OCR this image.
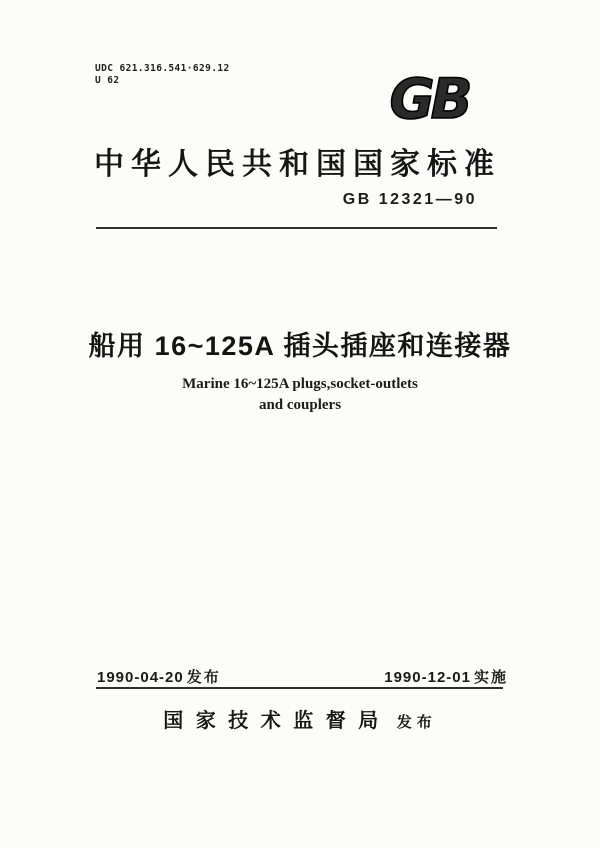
UDC 621.316.541·629.12
U 62	GB
中华人民共和国国家标准
GB 12321—90
船用 16~125A 插头插座和连接器
Marine 16~125A plugs,socket-outlets
and couplers
1990-04-20 发布	1990-12-01 实施
国家技术监督局 发布
